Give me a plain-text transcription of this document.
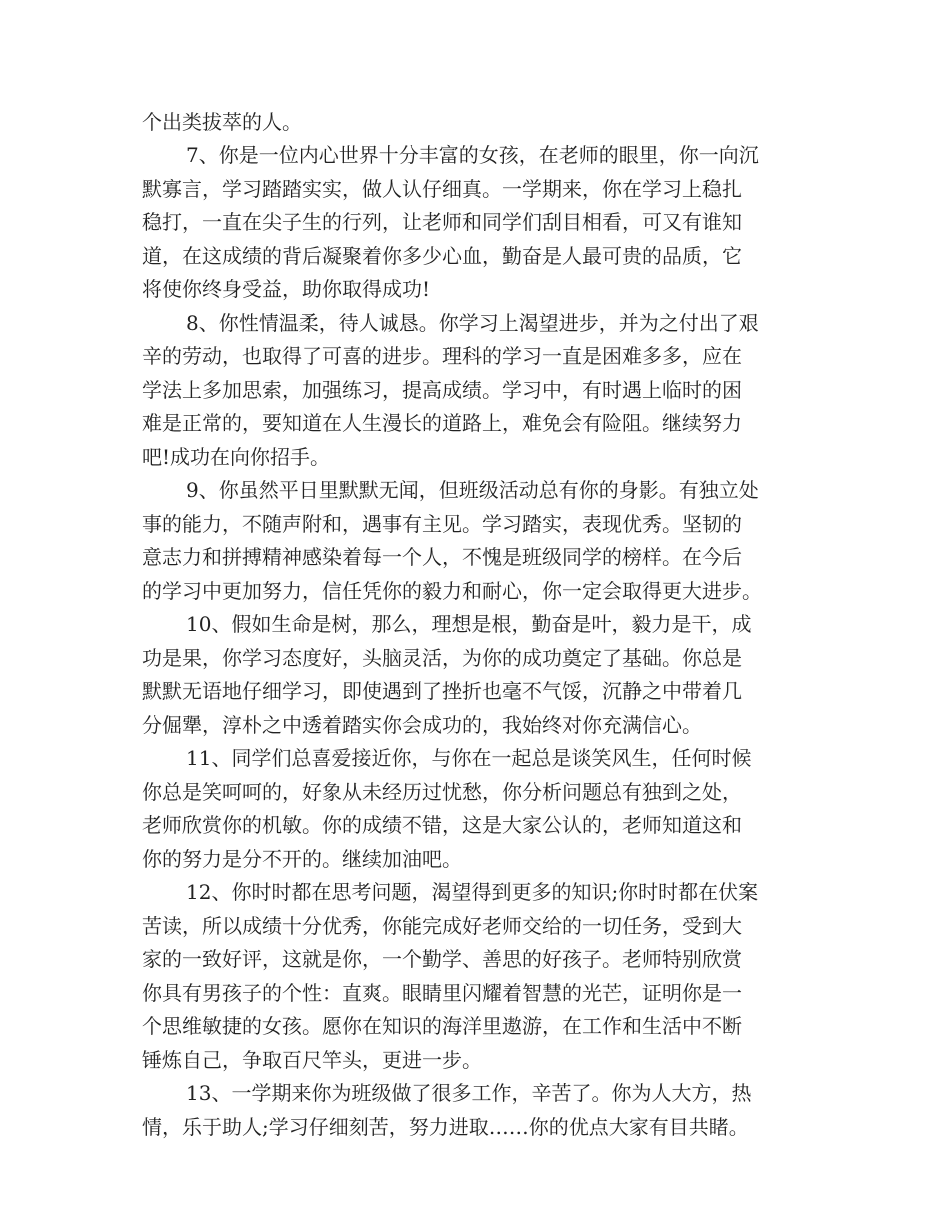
个出类拔萃的人。
7、你是一位内心世界十分丰富的女孩，在老师的眼里，你一向沉
默寡言，学习踏踏实实，做人认仔细真。一学期来，你在学习上稳扎
稳打，一直在尖子生的行列，让老师和同学们刮目相看，可又有谁知
道，在这成绩的背后凝聚着你多少心血，勤奋是人最可贵的品质，它
将使你终身受益，助你取得成功!
8、你性情温柔，待人诚恳。你学习上渴望进步，并为之付出了艰
辛的劳动，也取得了可喜的进步。理科的学习一直是困难多多，应在
学法上多加思索，加强练习，提高成绩。学习中，有时遇上临时的困
难是正常的，要知道在人生漫长的道路上，难免会有险阻。继续努力
吧!成功在向你招手。
9、你虽然平日里默默无闻，但班级活动总有你的身影。有独立处
事的能力，不随声附和，遇事有主见。学习踏实，表现优秀。坚韧的
意志力和拼搏精神感染着每一个人，不愧是班级同学的榜样。在今后
的学习中更加努力，信任凭你的毅力和耐心，你一定会取得更大进步。
10、假如生命是树，那么，理想是根，勤奋是叶，毅力是干，成
功是果，你学习态度好，头脑灵活，为你的成功奠定了基础。你总是
默默无语地仔细学习，即使遇到了挫折也毫不气馁，沉静之中带着几
分倔犟，淳朴之中透着踏实你会成功的，我始终对你充满信心。
11、同学们总喜爱接近你，与你在一起总是谈笑风生，任何时候
你总是笑呵呵的，好象从未经历过忧愁，你分析问题总有独到之处，
老师欣赏你的机敏。你的成绩不错，这是大家公认的，老师知道这和
你的努力是分不开的。继续加油吧。
12、你时时都在思考问题，渴望得到更多的知识;你时时都在伏案
苦读，所以成绩十分优秀，你能完成好老师交给的一切任务，受到大
家的一致好评，这就是你，一个勤学、善思的好孩子。老师特别欣赏
你具有男孩子的个性：直爽。眼睛里闪耀着智慧的光芒，证明你是一
个思维敏捷的女孩。愿你在知识的海洋里遨游，在工作和生活中不断
锤炼自己，争取百尺竿头，更进一步。
13、一学期来你为班级做了很多工作，辛苦了。你为人大方，热
情，乐于助人;学习仔细刻苦，努力进取……你的优点大家有目共睹。
